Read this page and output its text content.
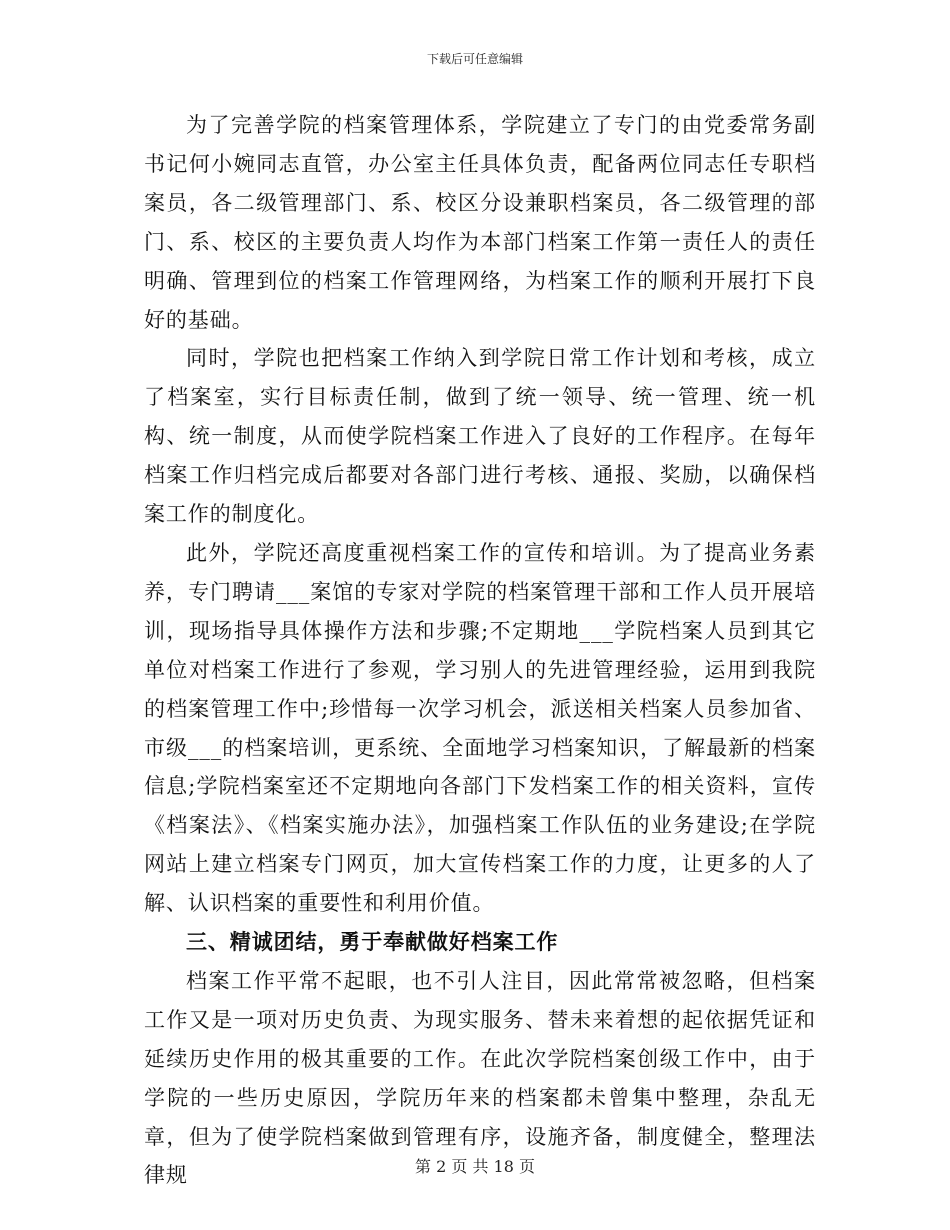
下载后可任意编辑

为了完善学院的档案管理体系，学院建立了专门的由党委常务副书记何小婉同志直管，办公室主任具体负责，配备两位同志任专职档案员，各二级管理部门、系、校区分设兼职档案员，各二级管理的部门、系、校区的主要负责人均作为本部门档案工作第一责任人的责任明确、管理到位的档案工作管理网络，为档案工作的顺利开展打下良好的基础。

同时，学院也把档案工作纳入到学院日常工作计划和考核，成立了档案室，实行目标责任制，做到了统一领导、统一管理、统一机构、统一制度，从而使学院档案工作进入了良好的工作程序。在每年档案工作归档完成后都要对各部门进行考核、通报、奖励，以确保档案工作的制度化。

此外，学院还高度重视档案工作的宣传和培训。为了提高业务素养，专门聘请___案馆的专家对学院的档案管理干部和工作人员开展培训，现场指导具体操作方法和步骤;不定期地___学院档案人员到其它单位对档案工作进行了参观，学习别人的先进管理经验，运用到我院的档案管理工作中;珍惜每一次学习机会，派送相关档案人员参加省、市级___的档案培训，更系统、全面地学习档案知识，了解最新的档案信息;学院档案室还不定期地向各部门下发档案工作的相关资料，宣传《档案法》、《档案实施办法》，加强档案工作队伍的业务建设;在学院网站上建立档案专门网页，加大宣传档案工作的力度，让更多的人了解、认识档案的重要性和利用价值。

三、精诚团结，勇于奉献做好档案工作

档案工作平常不起眼，也不引人注目，因此常常被忽略，但档案工作又是一项对历史负责、为现实服务、替未来着想的起依据凭证和延续历史作用的极其重要的工作。在此次学院档案创级工作中，由于学院的一些历史原因，学院历年来的档案都未曾集中整理，杂乱无章，但为了使学院档案做到管理有序，设施齐备，制度健全，整理法律规	第 2 页 共 18 页
